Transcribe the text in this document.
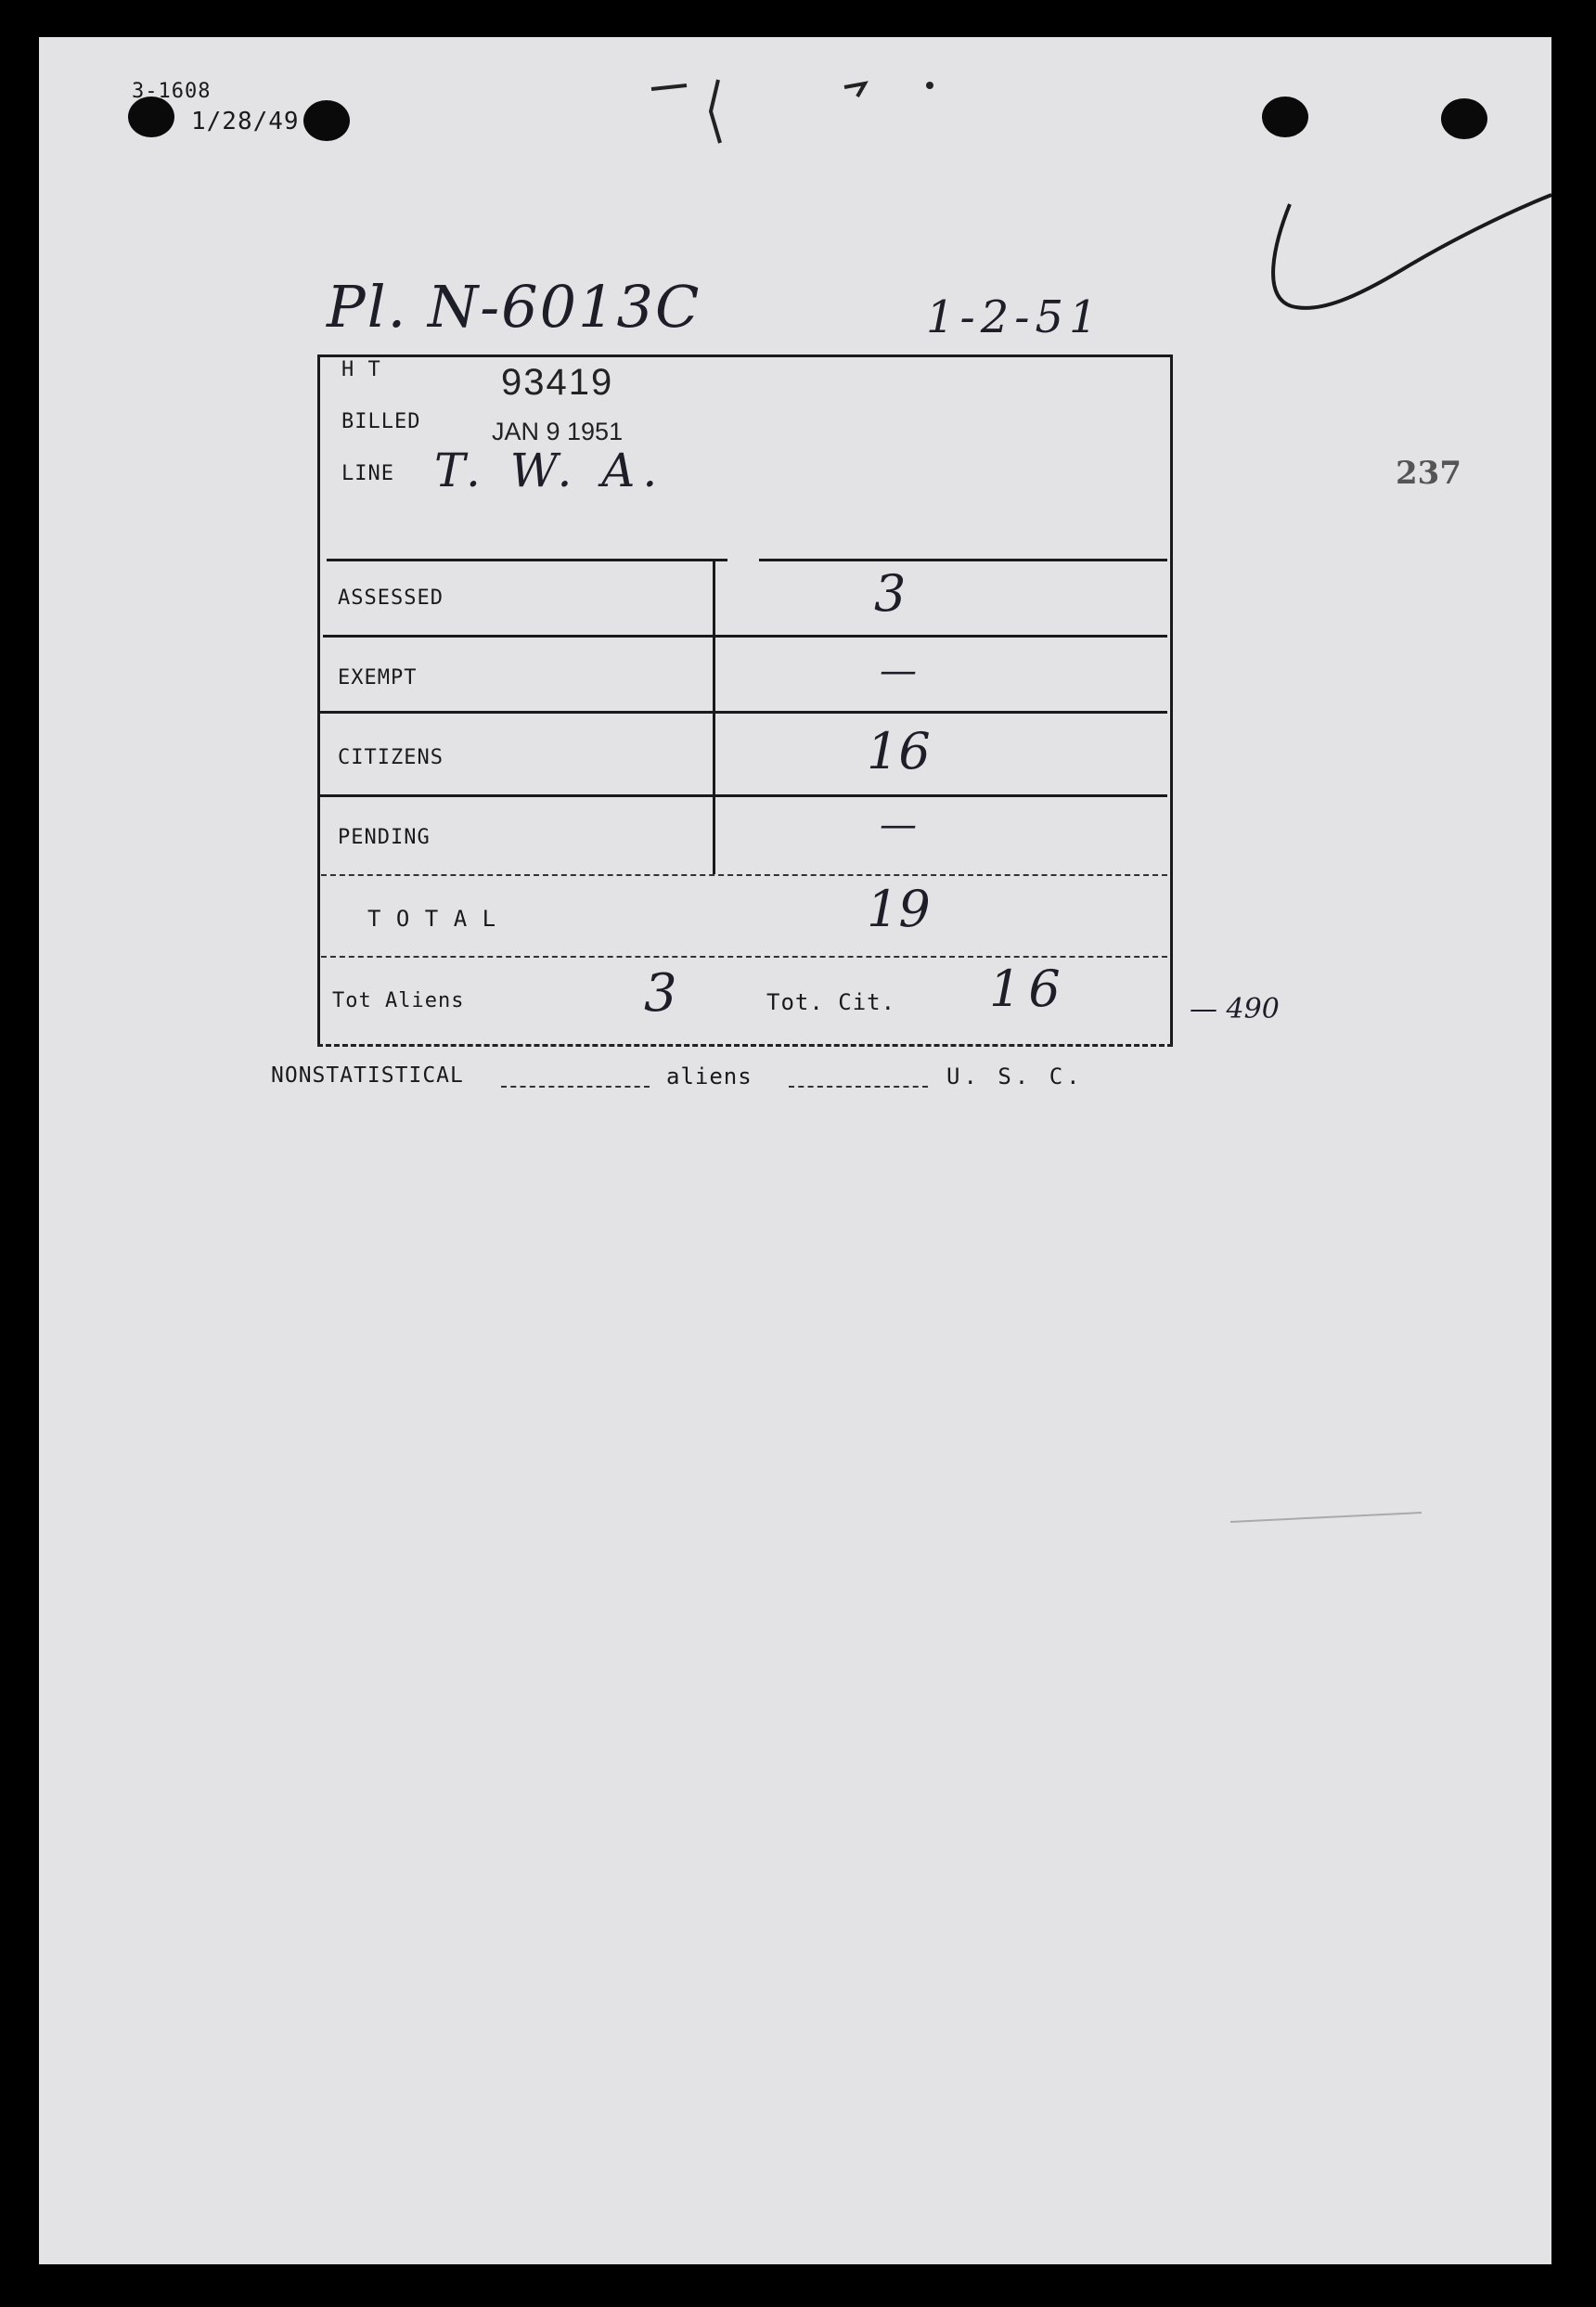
3-1608
1/28/49
Pl. N-6013C	1-2-51
237
H T	93419
BILLED	JAN 9 1951
LINE T. W. A.
ASSESSED	3
EXEMPT	—
CITIZENS	16
PENDING	—
T O T A L	19
Tot Aliens	3	Tot. Cit. 16	— 490
NONSTATISTICAL	aliens	U. S. C.
